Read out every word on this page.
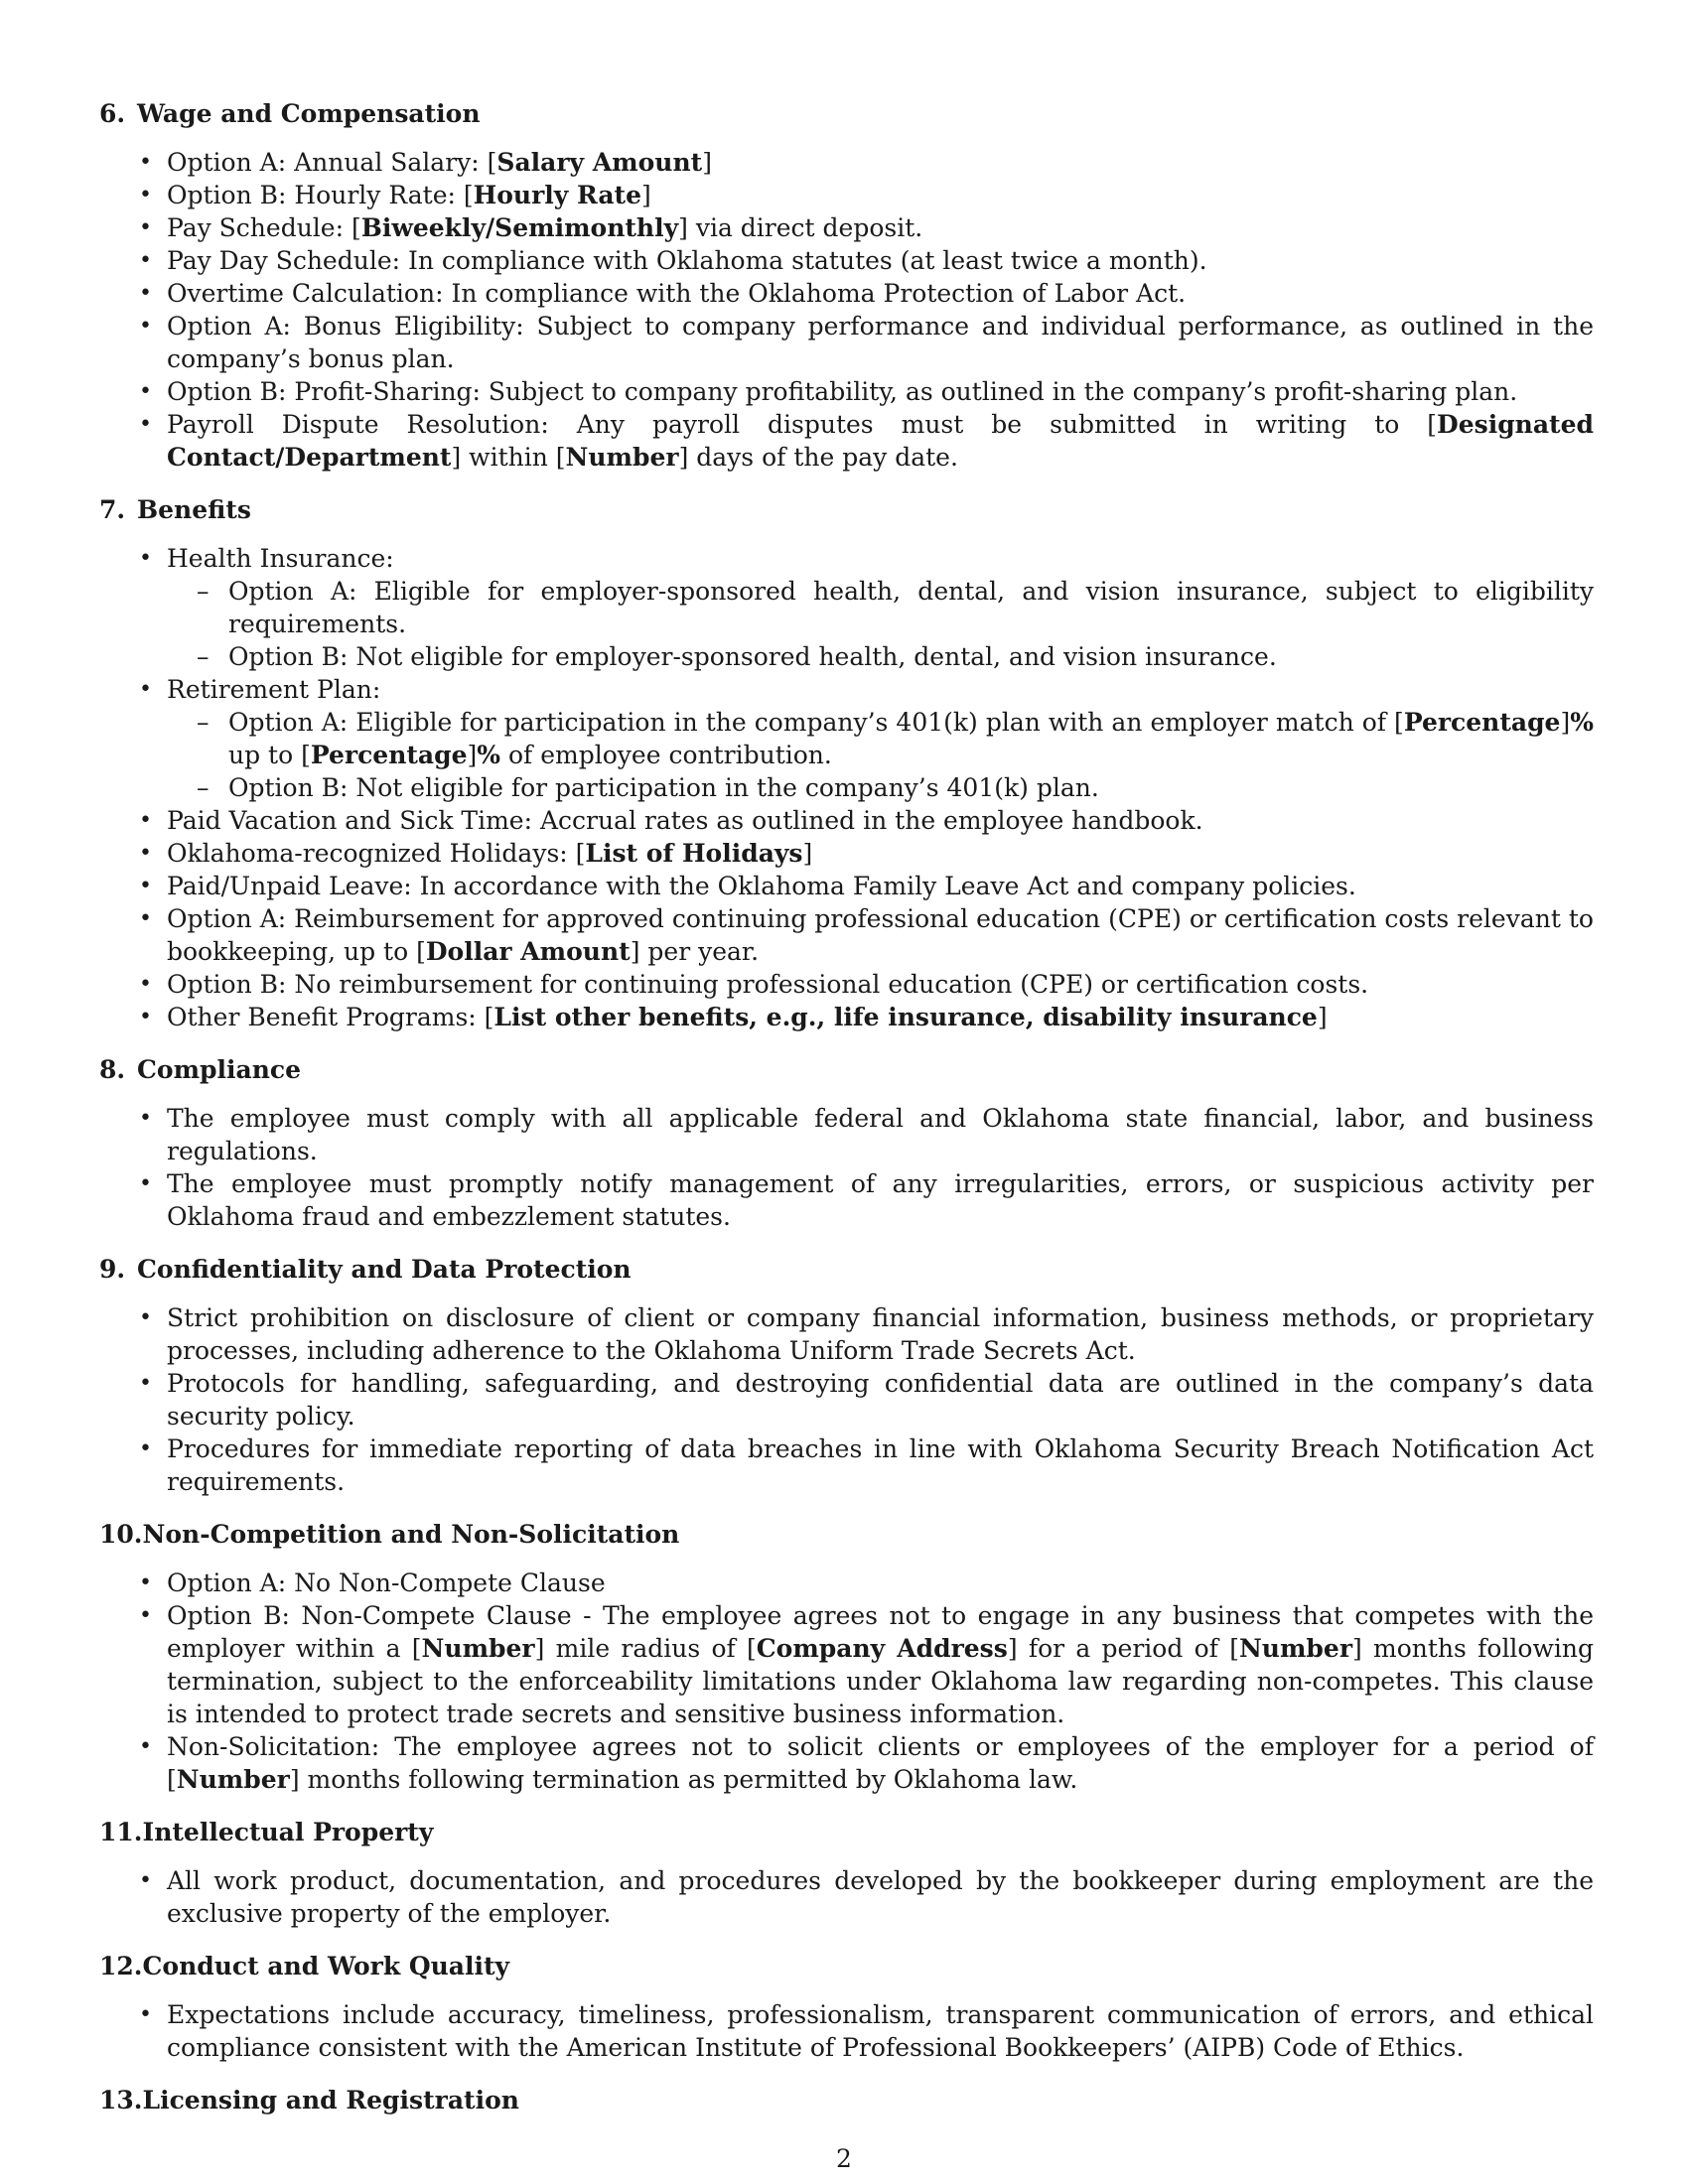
6. Wage and Compensation
• Option A: Annual Salary: [Salary Amount]
• Option B: Hourly Rate: [Hourly Rate]
• Pay Schedule: [Biweekly/Semimonthly] via direct deposit.
• Pay Day Schedule: In compliance with Oklahoma statutes (at least twice a month).
• Overtime Calculation: In compliance with the Oklahoma Protection of Labor Act.
• Option A: Bonus Eligibility: Subject to company performance and individual performance, as outlined in the company’s bonus plan.
• Option B: Profit-Sharing: Subject to company profitability, as outlined in the company’s profit-sharing plan.
• Payroll Dispute Resolution: Any payroll disputes must be submitted in writing to [Designated Contact/Department] within [Number] days of the pay date.
7. Benefits
• Health Insurance:
– Option A: Eligible for employer-sponsored health, dental, and vision insurance, subject to eligibility requirements.
– Option B: Not eligible for employer-sponsored health, dental, and vision insurance.
• Retirement Plan:
– Option A: Eligible for participation in the company’s 401(k) plan with an employer match of [Percentage]% up to [Percentage]% of employee contribution.
– Option B: Not eligible for participation in the company’s 401(k) plan.
• Paid Vacation and Sick Time: Accrual rates as outlined in the employee handbook.
• Oklahoma-recognized Holidays: [List of Holidays]
• Paid/Unpaid Leave: In accordance with the Oklahoma Family Leave Act and company policies.
• Option A: Reimbursement for approved continuing professional education (CPE) or certification costs relevant to bookkeeping, up to [Dollar Amount] per year.
• Option B: No reimbursement for continuing professional education (CPE) or certification costs.
• Other Benefit Programs: [List other benefits, e.g., life insurance, disability insurance]
8. Compliance
• The employee must comply with all applicable federal and Oklahoma state financial, labor, and business regulations.
• The employee must promptly notify management of any irregularities, errors, or suspicious activity per Oklahoma fraud and embezzlement statutes.
9. Confidentiality and Data Protection
• Strict prohibition on disclosure of client or company financial information, business methods, or proprietary processes, including adherence to the Oklahoma Uniform Trade Secrets Act.
• Protocols for handling, safeguarding, and destroying confidential data are outlined in the company’s data security policy.
• Procedures for immediate reporting of data breaches in line with Oklahoma Security Breach Notification Act requirements.
10.Non-Competition and Non-Solicitation
• Option A: No Non-Compete Clause
• Option B: Non-Compete Clause - The employee agrees not to engage in any business that competes with the employer within a [Number] mile radius of [Company Address] for a period of [Number] months following termination, subject to the enforceability limitations under Oklahoma law regarding non-competes. This clause is intended to protect trade secrets and sensitive business information.
• Non-Solicitation: The employee agrees not to solicit clients or employees of the employer for a period of [Number] months following termination as permitted by Oklahoma law.
11.Intellectual Property
• All work product, documentation, and procedures developed by the bookkeeper during employment are the exclusive property of the employer.
12.Conduct and Work Quality
• Expectations include accuracy, timeliness, professionalism, transparent communication of errors, and ethical compliance consistent with the American Institute of Professional Bookkeepers’ (AIPB) Code of Ethics.
13.Licensing and Registration
2
